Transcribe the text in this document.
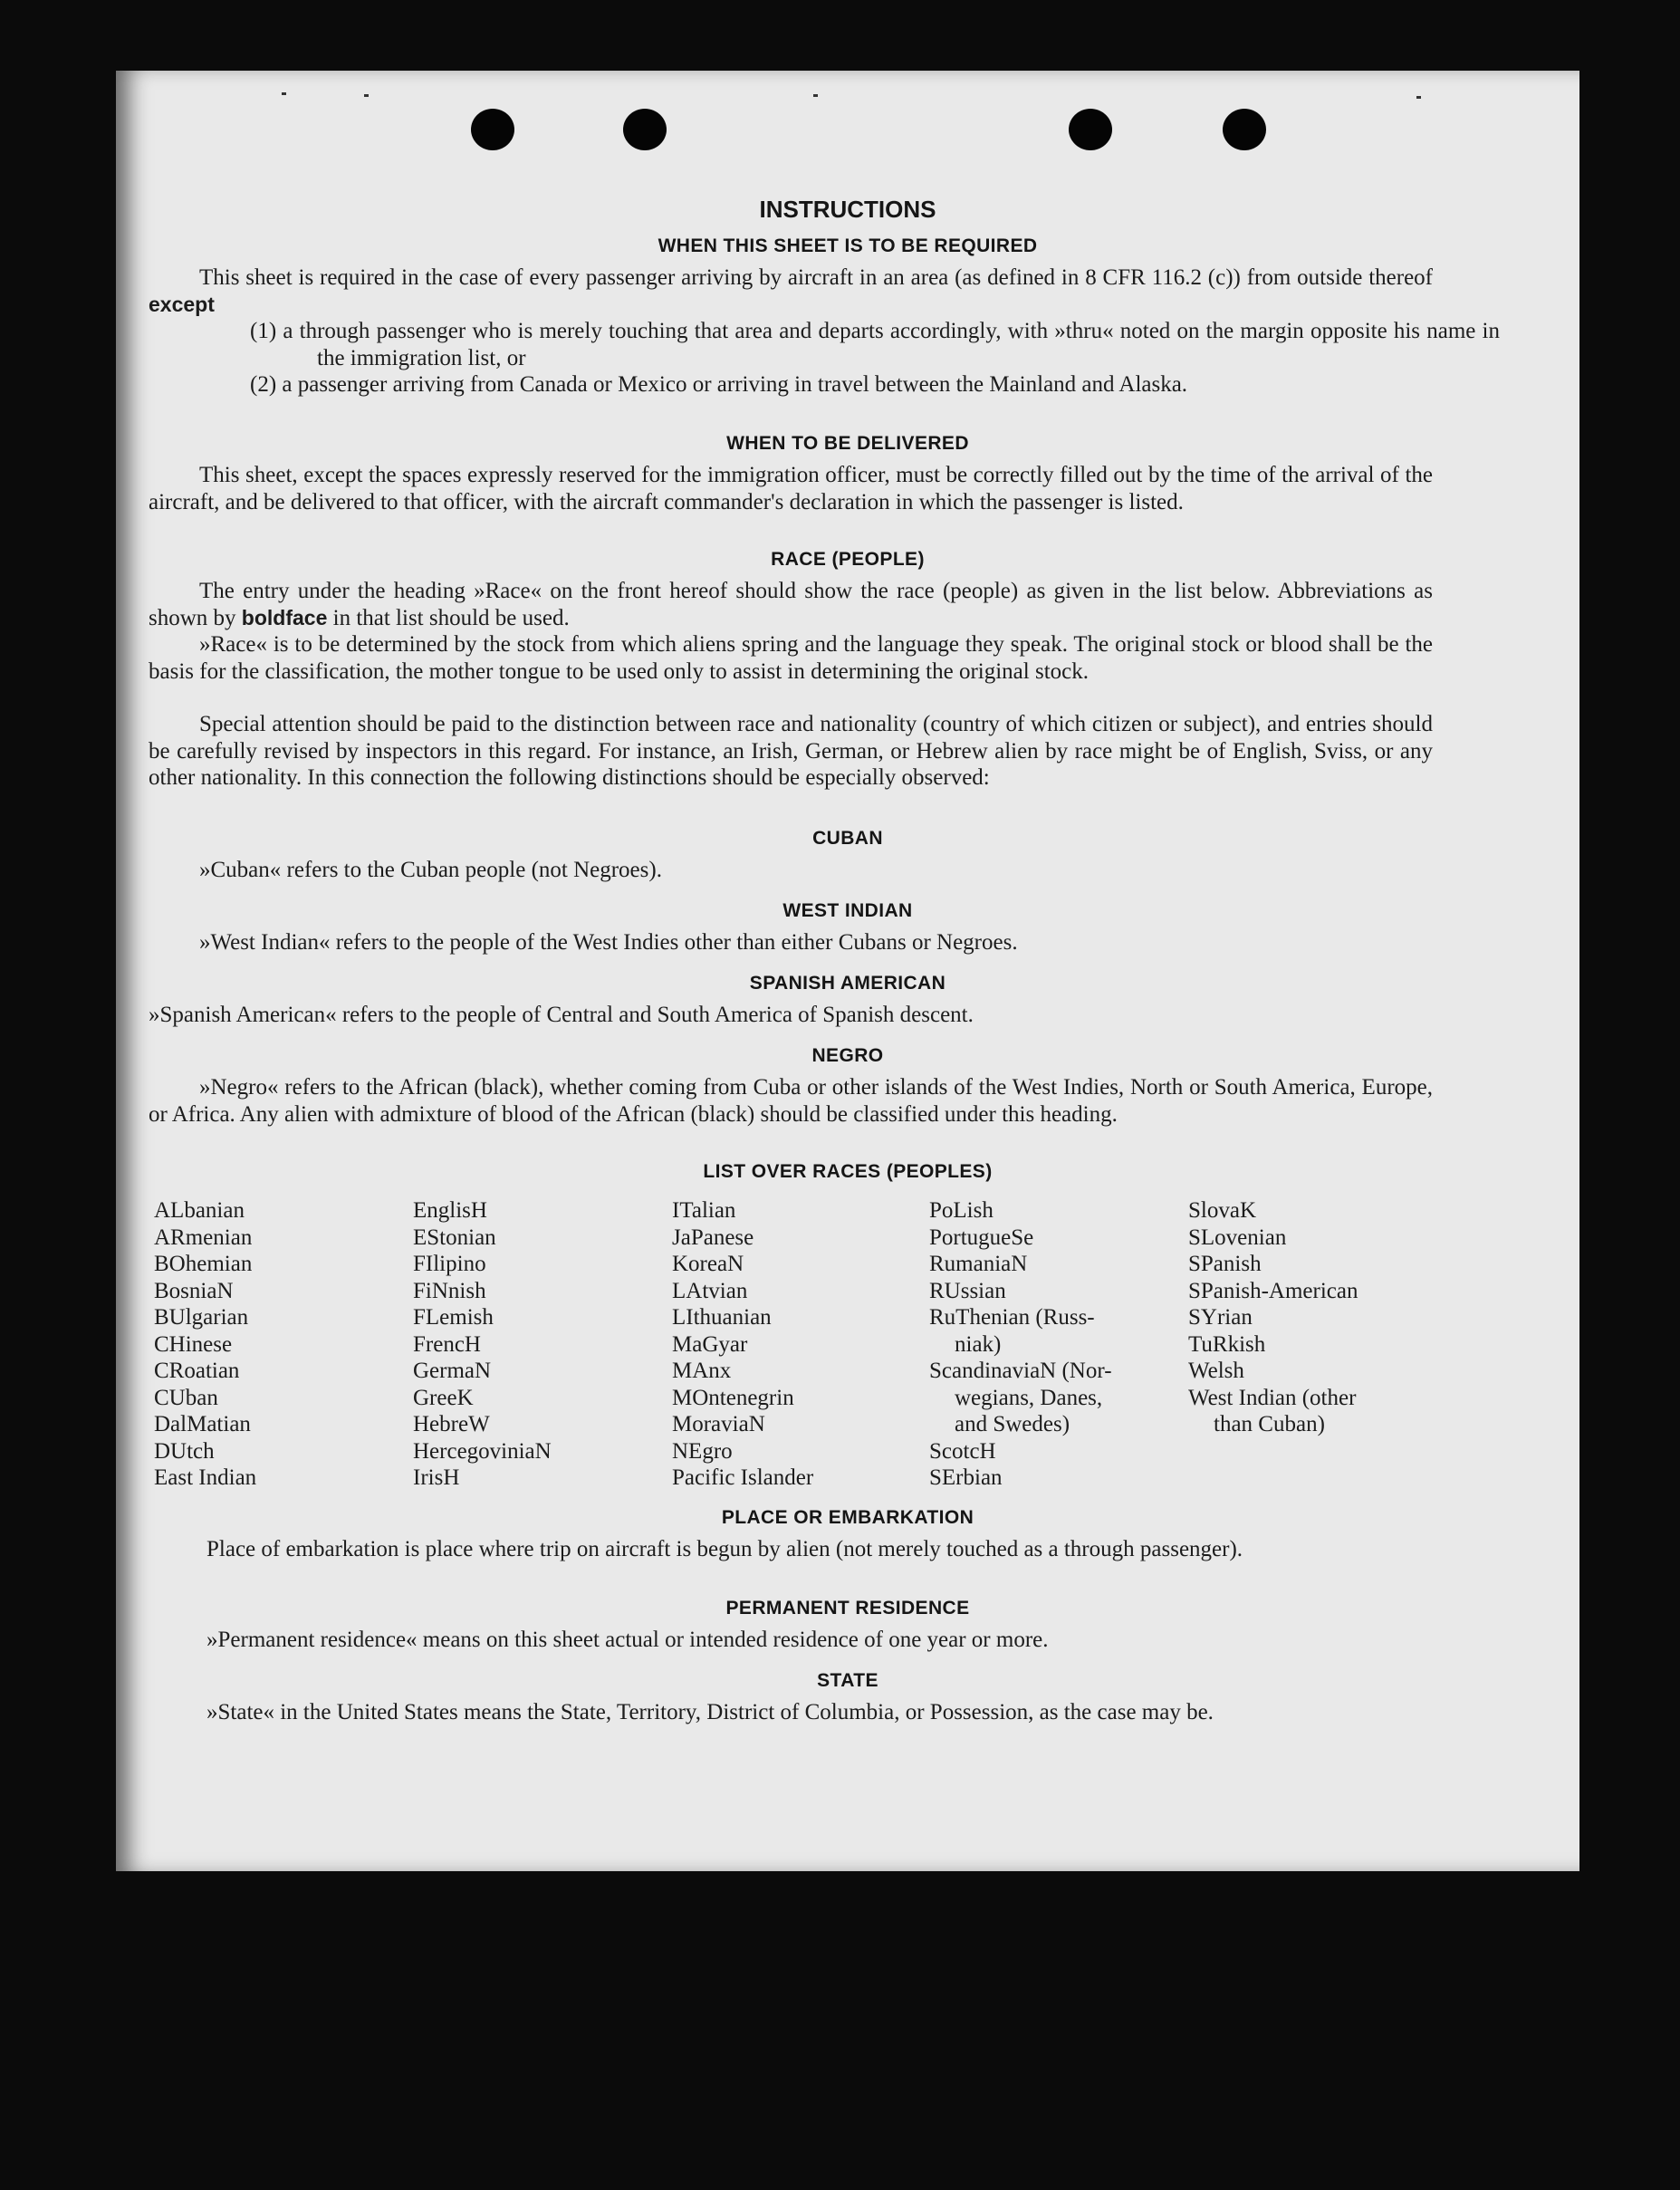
INSTRUCTIONS
WHEN THIS SHEET IS TO BE REQUIRED

This sheet is required in the case of every passenger arriving by aircraft in an area (as defined in 8 CFR 116.2 (c)) from outside thereof except

(1) a through passenger who is merely touching that area and departs accordingly, with »thru« noted on the margin opposite his name in the immigration list, or

(2) a passenger arriving from Canada or Mexico or arriving in travel between the Mainland and Alaska.

WHEN TO BE DELIVERED

This sheet, except the spaces expressly reserved for the immigration officer, must be correctly filled out by the time of the arrival of the aircraft, and be delivered to that officer, with the aircraft commander's declaration in which the passenger is listed.

RACE (PEOPLE)

The entry under the heading »Race« on the front hereof should show the race (people) as given in the list below. Abbreviations as shown by boldface in that list should be used.

»Race« is to be determined by the stock from which aliens spring and the language they speak. The original stock or blood shall be the basis for the classification, the mother tongue to be used only to assist in determining the original stock.

Special attention should be paid to the distinction between race and nationality (country of which citizen or subject), and entries should be carefully revised by inspectors in this regard. For instance, an Irish, German, or Hebrew alien by race might be of English, Sviss, or any other nationality. In this connection the following distinctions should be especially observed:

CUBAN

»Cuban« refers to the Cuban people (not Negroes).

WEST INDIAN

»West Indian« refers to the people of the West Indies other than either Cubans or Negroes.

SPANISH AMERICAN

»Spanish American« refers to the people of Central and South America of Spanish descent.

NEGRO

»Negro« refers to the African (black), whether coming from Cuba or other islands of the West Indies, North or South America, Europe, or Africa. Any alien with admixture of blood of the African (black) should be classified under this heading.

LIST OVER RACES (PEOPLES)
ALbanian
ARmenian
BOhemian
BosniaN
BUlgarian
CHinese
CRoatian
CUban
DalMatian
DUtch
East Indian
EnglisH
EStonian
FIlipino
FiNnish
FLemish
FrencH
GermaN
GreeK
HebreW
HercegoviniaN
IrisH
ITalian
JaPanese
KoreaN
LAtvian
LIthuanian
MaGyar
MAnx
MOntenegrin
MoraviaN
NEgro
Pacific Islander
PoLish
PortugueSe
RumaniaN
RUssian
RuThenian (Russ-
niak)
ScandinaviaN (Nor-
wegians, Danes,
and Swedes)
ScotcH
SErbian
SlovaK
SLovenian
SPanish
SPanish-American
SYrian
TuRkish
Welsh
West Indian (other
than Cuban)
PLACE OR EMBARKATION

Place of embarkation is place where trip on aircraft is begun by alien (not merely touched as a through passenger).

PERMANENT RESIDENCE

»Permanent residence« means on this sheet actual or intended residence of one year or more.

STATE

»State« in the United States means the State, Territory, District of Columbia, or Possession, as the case may be.
